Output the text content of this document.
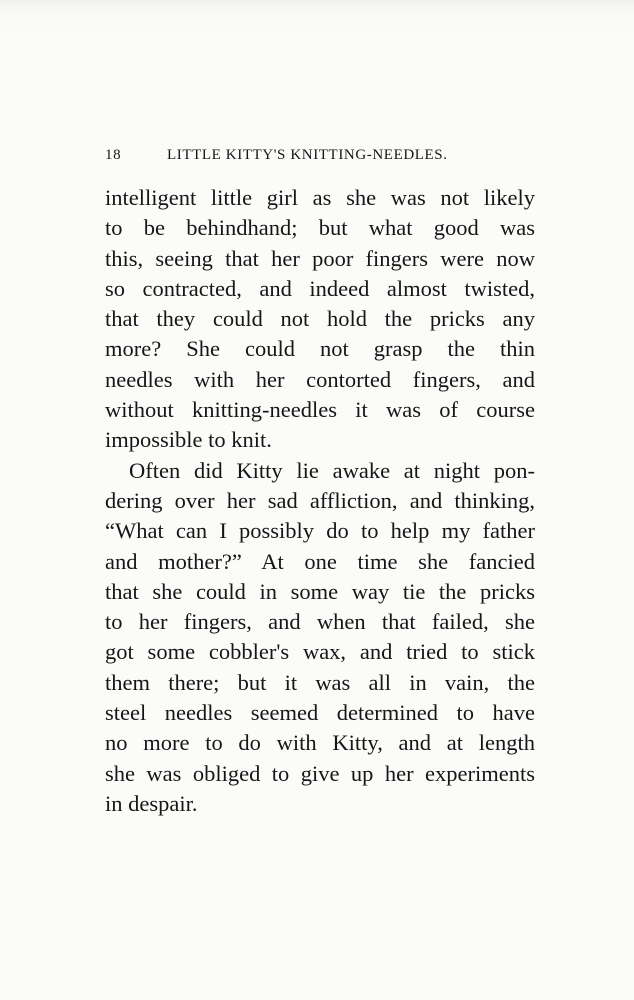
18	LITTLE KITTY'S KNITTING-NEEDLES.
intelligent little girl as she was not likely
to be behindhand; but what good was
this, seeing that her poor fingers were now
so contracted, and indeed almost twisted,
that they could not hold the pricks any
more? She could not grasp the thin
needles with her contorted fingers, and
without knitting-needles it was of course
impossible to knit.
Often did Kitty lie awake at night pon-
dering over her sad affliction, and thinking,
“What can I possibly do to help my father
and mother?” At one time she fancied
that she could in some way tie the pricks
to her fingers, and when that failed, she
got some cobbler's wax, and tried to stick
them there; but it was all in vain, the
steel needles seemed determined to have
no more to do with Kitty, and at length
she was obliged to give up her experiments
in despair.
